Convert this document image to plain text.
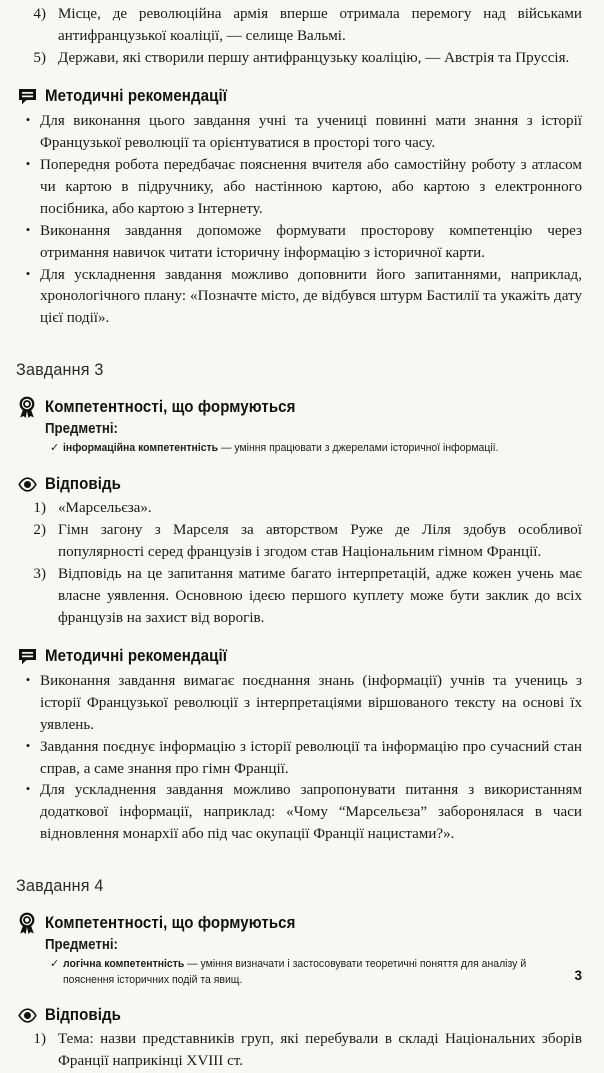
4) Місце, де революційна армія вперше отримала перемогу над військами антифранцузької коаліції, — селище Вальмі.
5) Держави, які створили першу антифранцузьку коаліцію, — Австрія та Пруссія.
Методичні рекомендації
• Для виконання цього завдання учні та учениці повинні мати знання з історії Французької революції та орієнтуватися в просторі того часу.
• Попередня робота передбачає пояснення вчителя або самостійну роботу з атласом чи картою в підручнику, або настінною картою, або картою з електронного посібника, або картою з Інтернету.
• Виконання завдання допоможе формувати просторову компетенцію через отримання навичок читати історичну інформацію з історичної карти.
• Для ускладнення завдання можливо доповнити його запитаннями, наприклад, хронологічного плану: «Позначте місто, де відбувся штурм Бастилії та укажіть дату цієї події».
Завдання 3
Компетентності, що формуються
Предметні:
✓ інформаційна компетентність — уміння працювати з джерелами історичної інформації.
Відповідь
1) «Марсельєза».
2) Гімн загону з Марселя за авторством Руже де Ліля здобув особливої популярності серед французів і згодом став Національним гімном Франції.
3) Відповідь на це запитання матиме багато інтерпретацій, адже кожен учень має власне уявлення. Основною ідеєю першого куплету може бути заклик до всіх французів на захист від ворогів.
Методичні рекомендації
• Виконання завдання вимагає поєднання знань (інформації) учнів та учениць з історії Французької революції з інтерпретаціями віршованого тексту на основі їх уявлень.
• Завдання поєднує інформацію з історії революції та інформацію про сучасний стан справ, а саме знання про гімн Франції.
• Для ускладнення завдання можливо запропонувати питання з використанням додаткової інформації, наприклад: «Чому “Марсельєза” заборонялася в часи відновлення монархії або під час окупації Франції нацистами?».
Завдання 4
Компетентності, що формуються
Предметні:
✓ логічна компетентність — уміння визначати і застосовувати теоретичні поняття для аналізу й пояснення історичних подій та явищ.
Відповідь
1) Тема: назви представників груп, які перебували в складі Національних зборів Франції наприкінці XVIII ст.
3
